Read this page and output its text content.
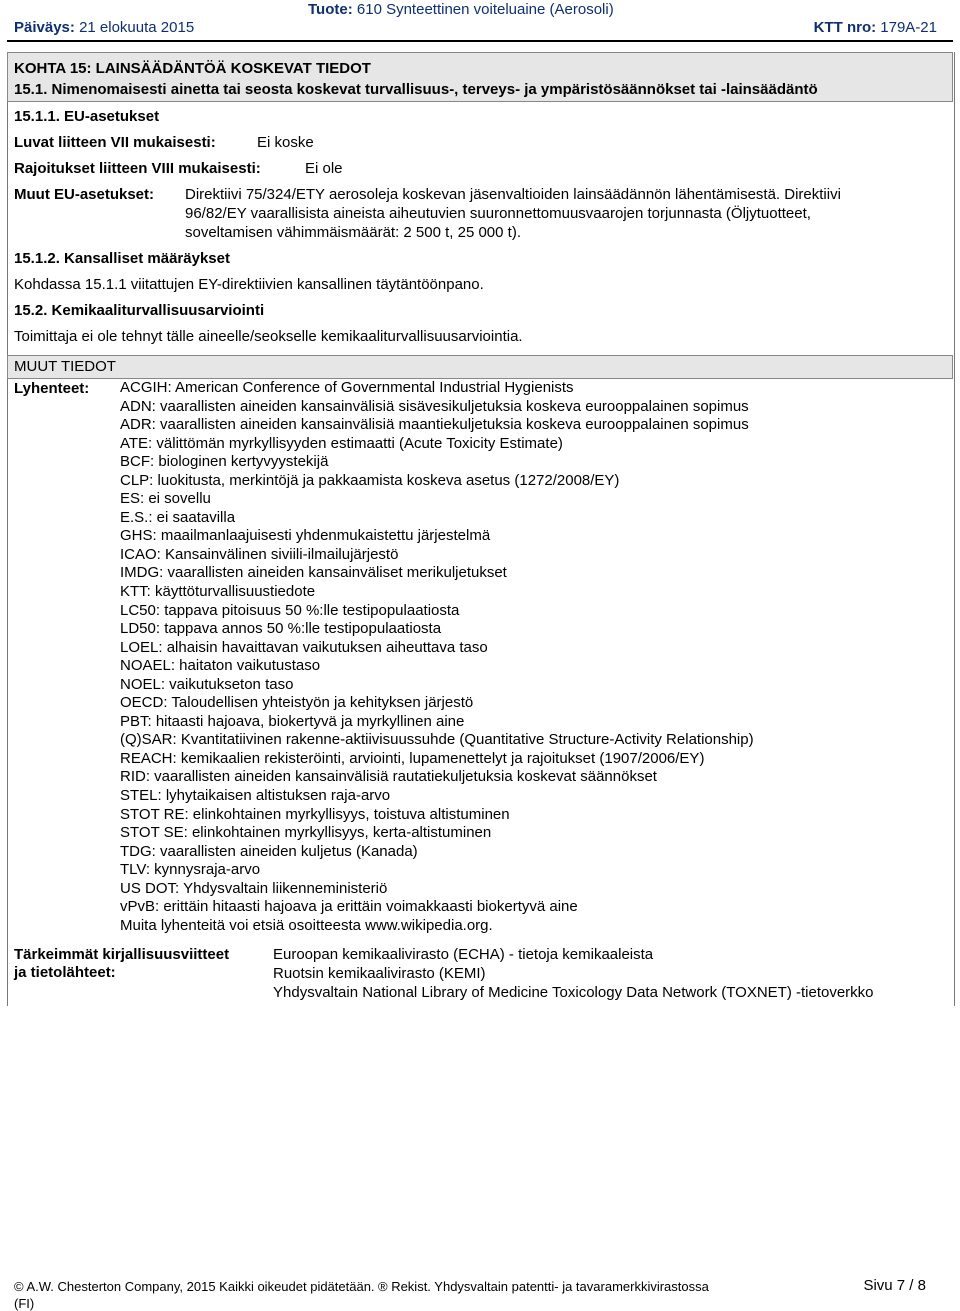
Tuote: 610 Synteettinen voiteluaine (Aerosoli)
Päiväys: 21 elokuuta 2015	KTT nro: 179A-21
KOHTA 15: LAINSÄÄDÄNTÖÄ KOSKEVAT TIEDOT
15.1. Nimenomaisesti ainetta tai seosta koskevat turvallisuus-, terveys- ja ympäristösäännökset tai -lainsäädäntö
15.1.1. EU-asetukset
Luvat liitteen VII mukaisesti:	Ei koske
Rajoitukset liitteen VIII mukaisesti:	Ei ole
Muut EU-asetukset: Direktiivi 75/324/ETY aerosoleja koskevan jäsenvaltioiden lainsäädännön lähentämisestä. Direktiivi
96/82/EY vaarallisista aineista aiheutuvien suuronnettomuusvaarojen torjunnasta (Öljytuotteet,
soveltamisen vähimmäismäärät: 2 500 t, 25 000 t).
15.1.2. Kansalliset määräykset
Kohdassa 15.1.1 viitattujen EY-direktiivien kansallinen täytäntöönpano.
15.2. Kemikaaliturvallisuusarviointi
Toimittaja ei ole tehnyt tälle aineelle/seokselle kemikaaliturvallisuusarviointia.
MUUT TIEDOT
Lyhenteet: ACGIH: American Conference of Governmental Industrial Hygienists
ADN: vaarallisten aineiden kansainvälisiä sisävesikuljetuksia koskeva eurooppalainen sopimus
ADR: vaarallisten aineiden kansainvälisiä maantiekuljetuksia koskeva eurooppalainen sopimus
ATE: välittömän myrkyllisyyden estimaatti (Acute Toxicity Estimate)
BCF: biologinen kertyvyystekijä
CLP: luokitusta, merkintöjä ja pakkaamista koskeva asetus (1272/2008/EY)
ES: ei sovellu
E.S.: ei saatavilla
GHS: maailmanlaajuisesti yhdenmukaistettu järjestelmä
ICAO: Kansainvälinen siviili-ilmailujärjestö
IMDG: vaarallisten aineiden kansainväliset merikuljetukset
KTT: käyttöturvallisuustiedote
LC50: tappava pitoisuus 50 %:lle testipopulaatiosta
LD50: tappava annos 50 %:lle testipopulaatiosta
LOEL: alhaisin havaittavan vaikutuksen aiheuttava taso
NOAEL: haitaton vaikutustaso
NOEL: vaikutukseton taso
OECD: Taloudellisen yhteistyön ja kehityksen järjestö
PBT: hitaasti hajoava, biokertyvä ja myrkyllinen aine
(Q)SAR: Kvantitatiivinen rakenne-aktiivisuussuhde (Quantitative Structure-Activity Relationship)
REACH: kemikaalien rekisteröinti, arviointi, lupamenettelyt ja rajoitukset (1907/2006/EY)
RID: vaarallisten aineiden kansainvälisiä rautatiekuljetuksia koskevat säännökset
STEL: lyhytaikaisen altistuksen raja-arvo
STOT RE: elinkohtainen myrkyllisyys, toistuva altistuminen
STOT SE: elinkohtainen myrkyllisyys, kerta-altistuminen
TDG: vaarallisten aineiden kuljetus (Kanada)
TLV: kynnysraja-arvo
US DOT: Yhdysvaltain liikenneministeriö
vPvB: erittäin hitaasti hajoava ja erittäin voimakkaasti biokertyvä aine
Muita lyhenteitä voi etsiä osoitteesta www.wikipedia.org.
Tärkeimmät kirjallisuusviitteet
ja tietolähteet:
Euroopan kemikaalivirasto (ECHA) - tietoja kemikaaleista
Ruotsin kemikaalivirasto (KEMI)
Yhdysvaltain National Library of Medicine Toxicology Data Network (TOXNET) -tietoverkko
© A.W. Chesterton Company, 2015 Kaikki oikeudet pidätetään. ® Rekist. Yhdysvaltain patentti- ja tavaramerkkivirastossa
(FI)
Sivu 7 / 8
